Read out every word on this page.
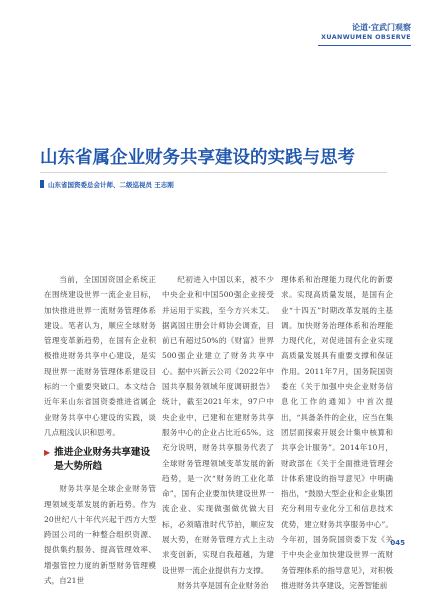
论道·宜武门观察
XUANWUMEN OBSERVE
山东省属企业财务共享建设的实践与思考
山东省国资委总会计师、二级巡视员 王志刚

当前，全国国资国企系统正在围绕建设世界一流企业目标，加快推进世界一流财务管理体系建设。笔者认为，顺应全球财务管理变革新趋势，在国有企业积极推进财务共享中心建设，是实现世界一流财务管理体系建设目标的一个重要突破口。本文结合近年来山东省国资委推进省属企业财务共享中心建设的实践，谈几点粗浅认识和思考。

▶ 推进企业财务共享建设是大势所趋

财务共享是全球企业财务管理领域变革发展的新趋势。作为20世纪八十年代兴起于西方大型跨国公司的一种整合组织资源、提供集约服务、提高管理效率、增强管控力度的新型财务管理模式，自21世

纪初进入中国以来，被不少中央企业和中国500强企业接受并运用于实践，至今方兴未艾。据离国庄册会计师协会调查，目前已有超过50%的《财富》世界500强企业建立了财务共享中心。据中兴新云公司《2022年中国共享服务领域年度调研报告》统计，截至2021年末，97户中央企业中，已建和在建财务共享服务中心的企业占比近65%。这充分说明，财务共享服务代表了全球财务管理领域变革发展的新趋势，是一次“财务的工业化革命”，国有企业要加快建设世界一流企业、实现做强做优做大目标，必须瞄准时代节拍，顺应发展大势，在财务管理方式上主动求变创新，实现自我超越，为建设世界一流企业提供有力支撑。

财务共享是国有企业财务治

理体系和治理能力现代化的新要求。实现高质量发展，是国有企业“十四五”时期改革发展的主基调。加快财务治理体系和治理能力现代化，对促进国有企业实现高质量发展具有重要支撑和保证作用。2011年7月，国务院国资委在《关于加强中央企业财务信息化工作的通知》中首次提出，“具备条件的企业，应当在集团层面探索开展会计集中核算和共享会计服务”。2014年10月，财政部在《关于全面推进管理会计体系建设的指导意见》中明确指出，“鼓励大型企业和企业集团充分利用专业化分工和信息技术优势，建立财务共享服务中心”。今年初，国务院国资委下发《关于中央企业加快建设世界一流财务管理体系的指导意见》，对积极推进财务共享建设，完善智能前

045
